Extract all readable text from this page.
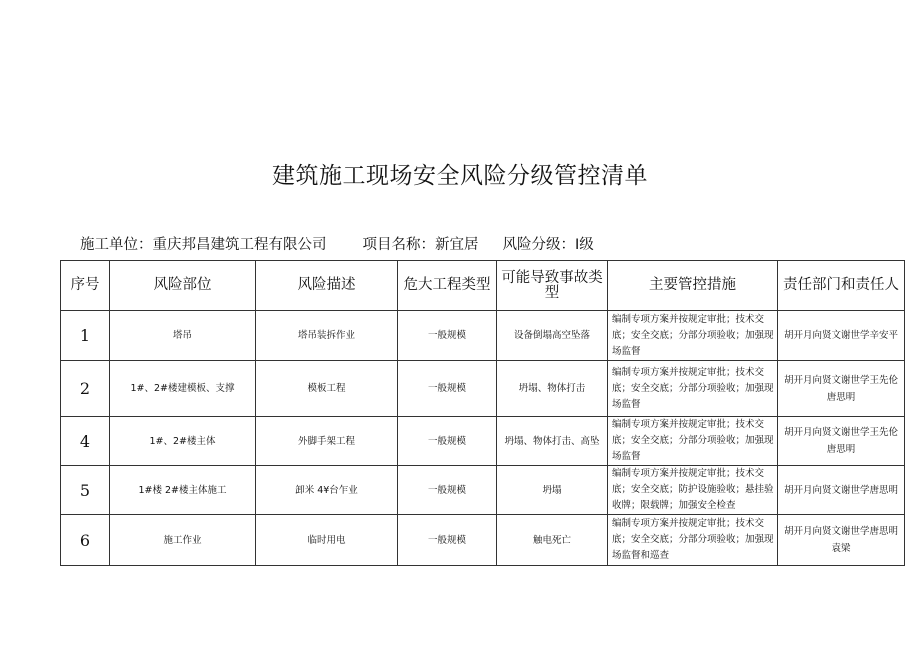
建筑施工现场安全风险分级管控清单
施工单位：重庆邦昌建筑工程有限公司 项目名称：新宜居 风险分级：Ⅰ级
序号	风险部位	风险描述	危大工程类型	可能导致事故类型	主要管控措施	责任部门和责任人
1	塔吊	塔吊装拆作业	一般规模	设备倒塌高空坠落	编制专项方案并按规定审批；技术交底；安全交底；分部分项验收；加强现场监督	胡开月向贤文谢世学辛安平
2	1#、2#楼建模板、支撑	模板工程	一般规模	坍塌、物体打击	编制专项方案并按规定审批；技术交底；安全交底；分部分项验收；加强现场监督	胡开月向贤文谢世学王先伦唐思明
4	1#、2#楼主体	外脚手架工程	一般规模	坍塌、物体打击、高坠	编制专项方案并按规定审批；技术交底；安全交底；分部分项验收；加强现场监督	胡开月向贤文谢世学王先伦唐思明
5	1#楼 2#楼主体施工	卸米 4¥台乍业	一般规模	坍塌	编制专项方案并按规定审批；技术交底；安全交底；防护设施验收；悬挂验收牌；限载牌；加强安全检查	胡开月向贤文谢世学唐思明
6	施工作业	临时用电	一般规模	触电死亡	编制专项方案并按规定审批；技术交底；安全交底；分部分项验收；加强现场监督和巡查	胡开月向贤文谢世学唐思明袁梁
